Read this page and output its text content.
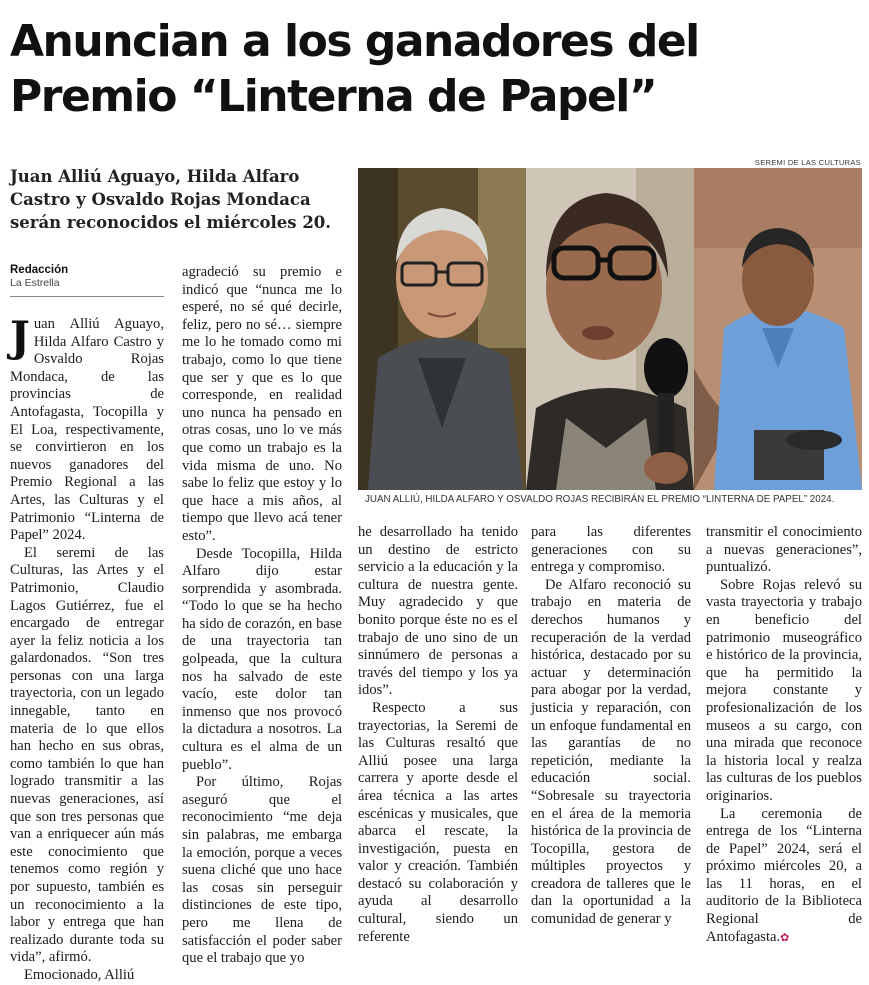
Anuncian a los ganadores del Premio “Linterna de Papel”

Juan Alliú Aguayo, Hilda Alfaro Castro y Osvaldo Rojas Mondaca serán reconocidos el miércoles 20.

SEREMI DE LAS CULTURAS
Redacción
La Estrella

JUAN ALLIÚ, HILDA ALFARO Y OSVALDO ROJAS RECIBIRÁN EL PREMIO “LINTERNA DE PAPEL” 2024.

Juan Alliú Aguayo, Hilda Alfaro Castro y Osvaldo Rojas Mondaca, de las provincias de Antofagasta, Tocopilla y El Loa, respectivamente, se convirtieron en los nuevos ganadores del Premio Regional a las Artes, las Culturas y el Patrimonio “Linterna de Papel” 2024.

El seremi de las Culturas, las Artes y el Patrimonio, Claudio Lagos Gutiérrez, fue el encargado de entregar ayer la feliz noticia a los galardonados. “Son tres personas con una larga trayectoria, con un legado innegable, tanto en materia de lo que ellos han hecho en sus obras, como también lo que han logrado transmitir a las nuevas generaciones, así que son tres personas que van a enriquecer aún más este conocimiento que tenemos como región y por supuesto, también es un reconocimiento a la labor y entrega que han realizado durante toda su vida”, afirmó.

Emocionado, Alliú

agradeció su premio e indicó que “nunca me lo esperé, no sé qué decirle, feliz, pero no sé… siempre me lo he tomado como mi trabajo, como lo que tiene que ser y que es lo que corresponde, en realidad uno nunca ha pensado en otras cosas, uno lo ve más que como un trabajo es la vida misma de uno. No sabe lo feliz que estoy y lo que hace a mis años, al tiempo que llevo acá tener esto”.

Desde Tocopilla, Hilda Alfaro dijo estar sorprendida y asombrada. “Todo lo que se ha hecho ha sido de corazón, en base de una trayectoria tan golpeada, que la cultura nos ha salvado de este vacío, este dolor tan inmenso que nos provocó la dictadura a nosotros. La cultura es el alma de un pueblo”.

Por último, Rojas aseguró que el reconocimiento “me deja sin palabras, me embarga la emoción, porque a veces suena cliché que uno hace las cosas sin perseguir distinciones de este tipo, pero me llena de satisfacción el poder saber que el trabajo que yo

he desarrollado ha tenido un destino de estricto servicio a la educación y la cultura de nuestra gente. Muy agradecido y que bonito porque éste no es el trabajo de uno sino de un sinnúmero de personas a través del tiempo y los ya idos”.

Respecto a sus trayectorias, la Seremi de las Culturas resaltó que Alliú posee una larga carrera y aporte desde el área técnica a las artes escénicas y musicales, que abarca el rescate, la investigación, puesta en valor y creación. También destacó su colaboración y ayuda al desarrollo cultural, siendo un referente

para las diferentes generaciones con su entrega y compromiso.

De Alfaro reconoció su trabajo en materia de derechos humanos y recuperación de la verdad histórica, destacado por su actuar y determinación para abogar por la verdad, justicia y reparación, con un enfoque fundamental en las garantías de no repetición, mediante la educación social. “Sobresale su trayectoria en el área de la memoria histórica de la provincia de Tocopilla, gestora de múltiples proyectos y creadora de talleres que le dan la oportunidad a la comunidad de generar y

transmitir el conocimiento a nuevas generaciones”, puntualizó.

Sobre Rojas relevó su vasta trayectoria y trabajo en beneficio del patrimonio museográfico e histórico de la provincia, que ha permitido la mejora constante y profesionalización de los museos a su cargo, con una mirada que reconoce la historia local y realza las culturas de los pueblos originarios.

La ceremonia de entrega de los “Linterna de Papel” 2024, será el próximo miércoles 20, a las 11 horas, en el auditorio de la Biblioteca Regional de Antofagasta.✿
